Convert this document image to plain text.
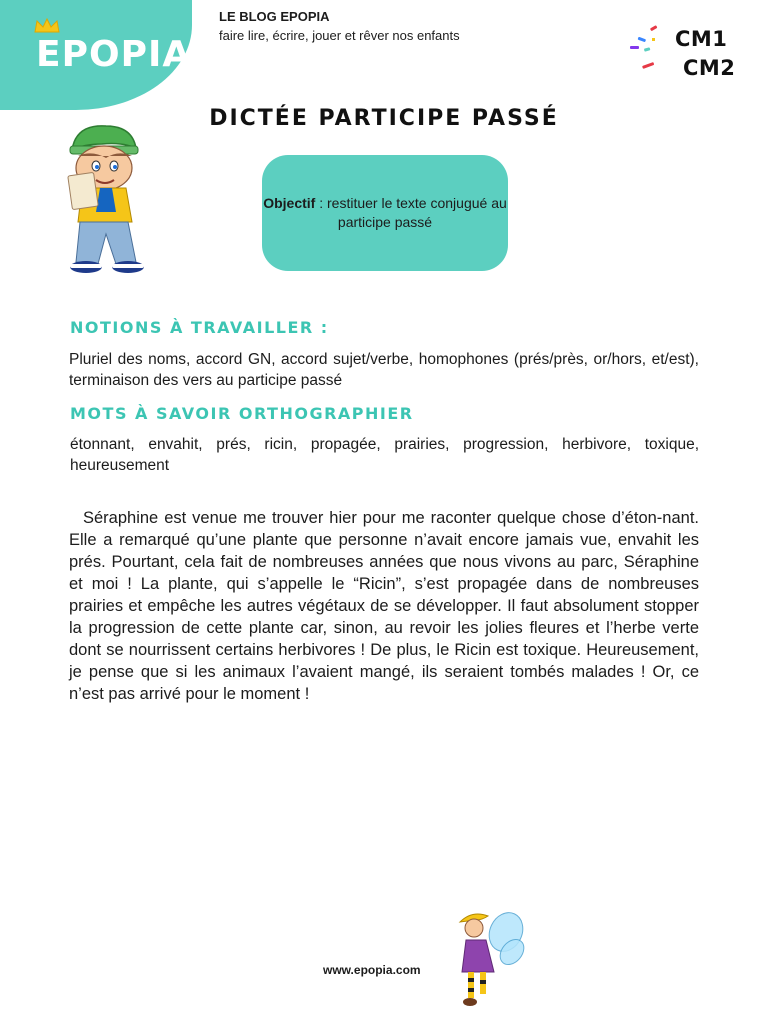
EPOPIA
LE BLOG EPOPIA
faire lire, écrire, jouer et rêver nos enfants	CM1
CM2
DICTÉE PARTICIPE PASSÉ
Objectif : restituer le texte conjugué au participe passé
NOTIONS À TRAVAILLER :
Pluriel des noms, accord GN, accord sujet/verbe, homophones (prés/près, or/hors, et/est), terminaison des vers au participe passé
MOTS À SAVOIR ORTHOGRAPHIER
étonnant, envahit, prés, ricin, propagée, prairies, progression, herbivore, toxique, heureusement
Séraphine est venue me trouver hier pour me raconter quelque chose d’éton-nant. Elle a remarqué qu’une plante que personne n’avait encore jamais vue, envahit les prés. Pourtant, cela fait de nombreuses années que nous vivons au parc, Séraphine et moi ! La plante, qui s’appelle le “Ricin”, s’est propagée dans de nombreuses prairies et empêche les autres végétaux de se développer. Il faut absolument stopper la progression de cette plante car, sinon, au revoir les jolies fleures et l’herbe verte dont se nourrissent certains herbivores ! De plus, le Ricin est toxique. Heureusement, je pense que si les animaux l’avaient mangé, ils seraient tombés malades ! Or, ce n’est pas arrivé pour le moment !
www.epopia.com
